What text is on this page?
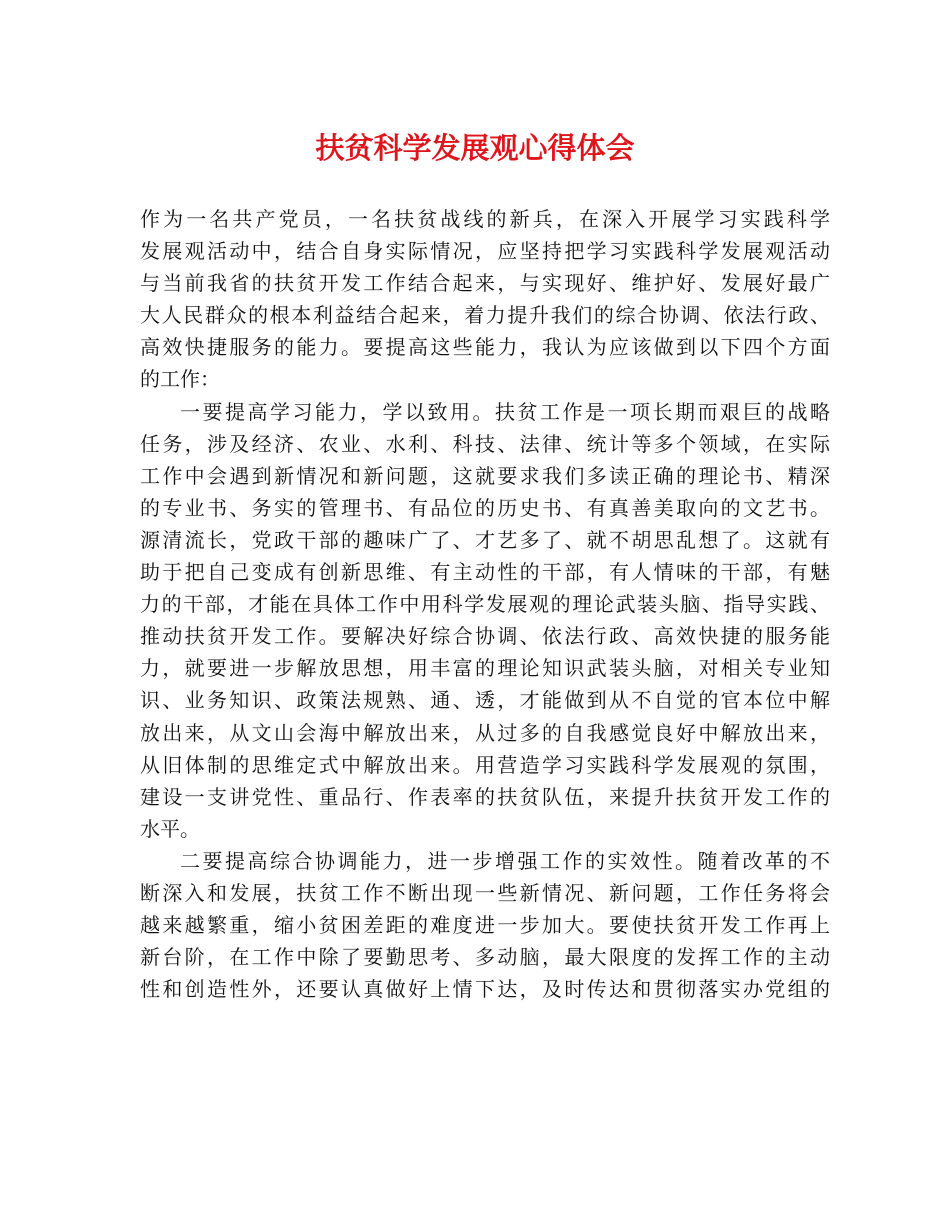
扶贫科学发展观心得体会
作为一名共产党员，一名扶贫战线的新兵，在深入开展学习实践科学
发展观活动中，结合自身实际情况，应坚持把学习实践科学发展观活动
与当前我省的扶贫开发工作结合起来，与实现好、维护好、发展好最广
大人民群众的根本利益结合起来，着力提升我们的综合协调、依法行政、
高效快捷服务的能力。要提高这些能力，我认为应该做到以下四个方面
的工作：
一要提高学习能力，学以致用。扶贫工作是一项长期而艰巨的战略
任务，涉及经济、农业、水利、科技、法律、统计等多个领域，在实际
工作中会遇到新情况和新问题，这就要求我们多读正确的理论书、精深
的专业书、务实的管理书、有品位的历史书、有真善美取向的文艺书。
源清流长，党政干部的趣味广了、才艺多了、就不胡思乱想了。这就有
助于把自己变成有创新思维、有主动性的干部，有人情味的干部，有魅
力的干部，才能在具体工作中用科学发展观的理论武装头脑、指导实践、
推动扶贫开发工作。要解决好综合协调、依法行政、高效快捷的服务能
力，就要进一步解放思想，用丰富的理论知识武装头脑，对相关专业知
识、业务知识、政策法规熟、通、透，才能做到从不自觉的官本位中解
放出来，从文山会海中解放出来，从过多的自我感觉良好中解放出来，
从旧体制的思维定式中解放出来。用营造学习实践科学发展观的氛围，
建设一支讲党性、重品行、作表率的扶贫队伍，来提升扶贫开发工作的
水平。
二要提高综合协调能力，进一步增强工作的实效性。随着改革的不
断深入和发展，扶贫工作不断出现一些新情况、新问题，工作任务将会
越来越繁重，缩小贫困差距的难度进一步加大。要使扶贫开发工作再上
新台阶，在工作中除了要勤思考、多动脑，最大限度的发挥工作的主动
性和创造性外，还要认真做好上情下达，及时传达和贯彻落实办党组的
